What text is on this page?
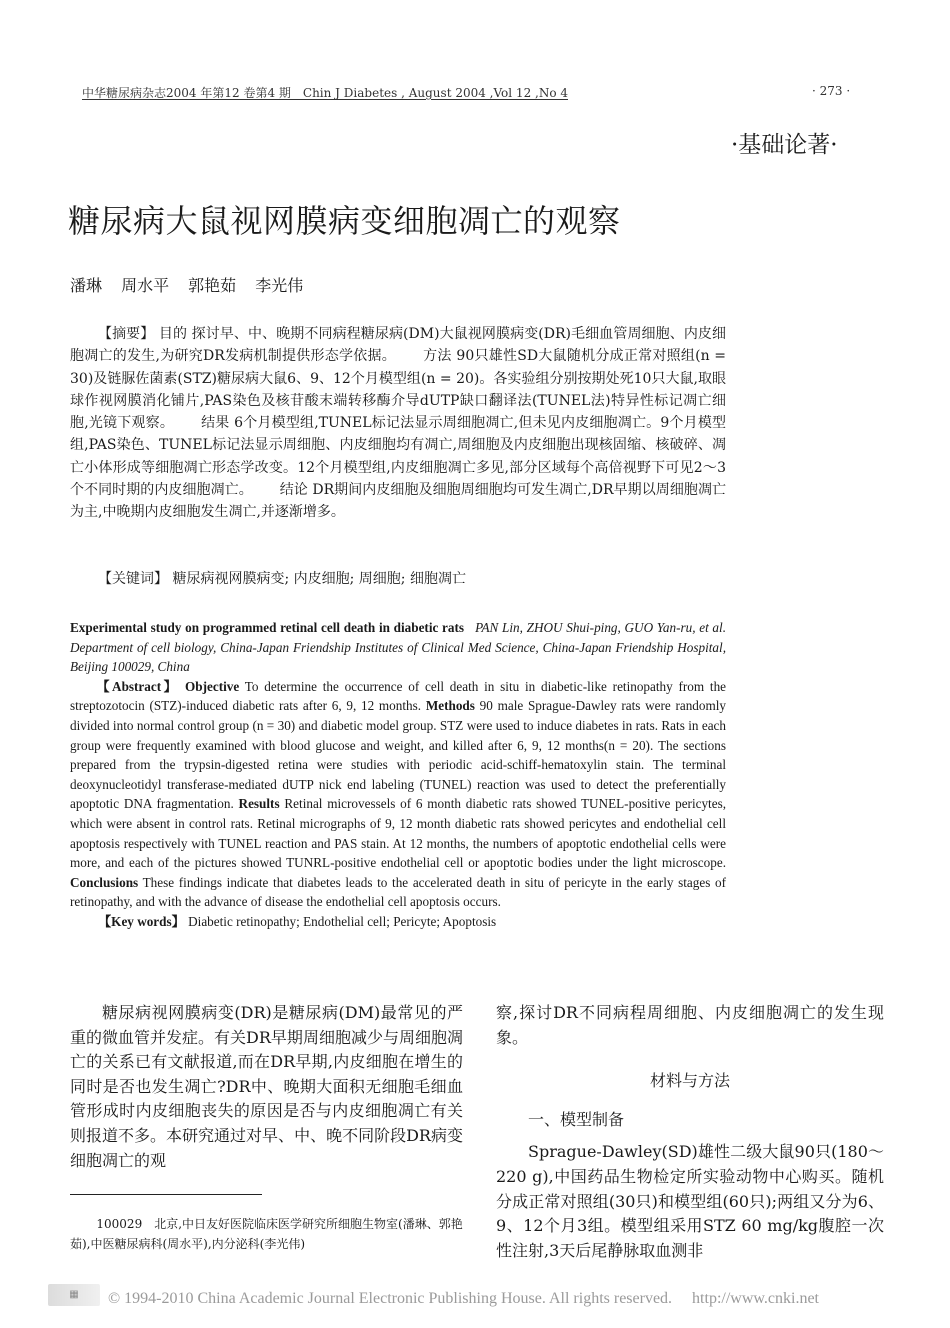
中华糖尿病杂志2004 年第12 卷第4 期　Chin J Diabetes , August 2004 ,Vol 12 ,No 4	· 273 ·
·基础论著·
糖尿病大鼠视网膜病变细胞凋亡的观察
潘琳 周水平 郭艳茹 李光伟
【摘要】 目的 探讨早、中、晚期不同病程糖尿病(DM)大鼠视网膜病变(DR)毛细血管周细胞、内皮细胞凋亡的发生,为研究DR发病机制提供形态学依据。 方法 90只雄性SD大鼠随机分成正常对照组(n = 30)及链脲佐菌素(STZ)糖尿病大鼠6、9、12个月模型组(n = 20)。各实验组分别按期处死10只大鼠,取眼球作视网膜消化铺片,PAS染色及核苷酸末端转移酶介导dUTP缺口翻译法(TUNEL法)特异性标记凋亡细胞,光镜下观察。 结果 6个月模型组,TUNEL标记法显示周细胞凋亡,但未见内皮细胞凋亡。9个月模型组,PAS染色、TUNEL标记法显示周细胞、内皮细胞均有凋亡,周细胞及内皮细胞出现核固缩、核破碎、凋亡小体形成等细胞凋亡形态学改变。12个月模型组,内皮细胞凋亡多见,部分区域每个高倍视野下可见2～3个不同时期的内皮细胞凋亡。 结论 DR期间内皮细胞及细胞周细胞均可发生凋亡,DR早期以周细胞凋亡为主,中晚期内皮细胞发生凋亡,并逐渐增多。
【关键词】 糖尿病视网膜病变; 内皮细胞; 周细胞; 细胞凋亡
Experimental study on programmed retinal cell death in diabetic rats PAN Lin, ZHOU Shui-ping, GUO Yan-ru, et al. Department of cell biology, China-Japan Friendship Institutes of Clinical Med Science, China-Japan Friendship Hospital, Beijing 100029, China
【Abstract】 Objective To determine the occurrence of cell death in situ in diabetic-like retinopathy from the streptozotocin (STZ)-induced diabetic rats after 6, 9, 12 months. Methods 90 male Sprague-Dawley rats were randomly divided into normal control group (n = 30) and diabetic model group. STZ were used to induce diabetes in rats. Rats in each group were frequently examined with blood glucose and weight, and killed after 6, 9, 12 months(n = 20). The sections prepared from the trypsin-digested retina were studies with periodic acid-schiff-hematoxylin stain. The terminal deoxynucleotidyl transferase-mediated dUTP nick end labeling (TUNEL) reaction was used to detect the preferentially apoptotic DNA fragmentation. Results Retinal microvessels of 6 month diabetic rats showed TUNEL-positive pericytes, which were absent in control rats. Retinal micrographs of 9, 12 month diabetic rats showed pericytes and endothelial cell apoptosis respectively with TUNEL reaction and PAS stain. At 12 months, the numbers of apoptotic endothelial cells were more, and each of the pictures showed TUNRL-positive endothelial cell or apoptotic bodies under the light microscope. Conclusions These findings indicate that diabetes leads to the accelerated death in situ of pericyte in the early stages of retinopathy, and with the advance of disease the endothelial cell apoptosis occurs.
【Key words】 Diabetic retinopathy; Endothelial cell; Pericyte; Apoptosis
糖尿病视网膜病变(DR)是糖尿病(DM)最常见的严重的微血管并发症。有关DR早期周细胞减少与周细胞凋亡的关系已有文献报道,而在DR早期,内皮细胞在增生的同时是否也发生凋亡?DR中、晚期大面积无细胞毛细血管形成时内皮细胞丧失的原因是否与内皮细胞凋亡有关则报道不多。本研究通过对早、中、晚不同阶段DR病变细胞凋亡的观
100029　北京,中日友好医院临床医学研究所细胞生物室(潘琳、郭艳茹),中医糖尿病科(周水平),内分泌科(李光伟)
察,探讨DR不同病程周细胞、内皮细胞凋亡的发生现象。
材料与方法
一、模型制备
Sprague-Dawley(SD)雄性二级大鼠90只(180～220 g),中国药品生物检定所实验动物中心购买。随机分成正常对照组(30只)和模型组(60只);两组又分为6、9、12个月3组。模型组采用STZ 60 mg/kg腹腔一次性注射,3天后尾静脉取血测非
▦	© 1994-2010 China Academic Journal Electronic Publishing House. All rights reserved.　 http://www.cnki.net
